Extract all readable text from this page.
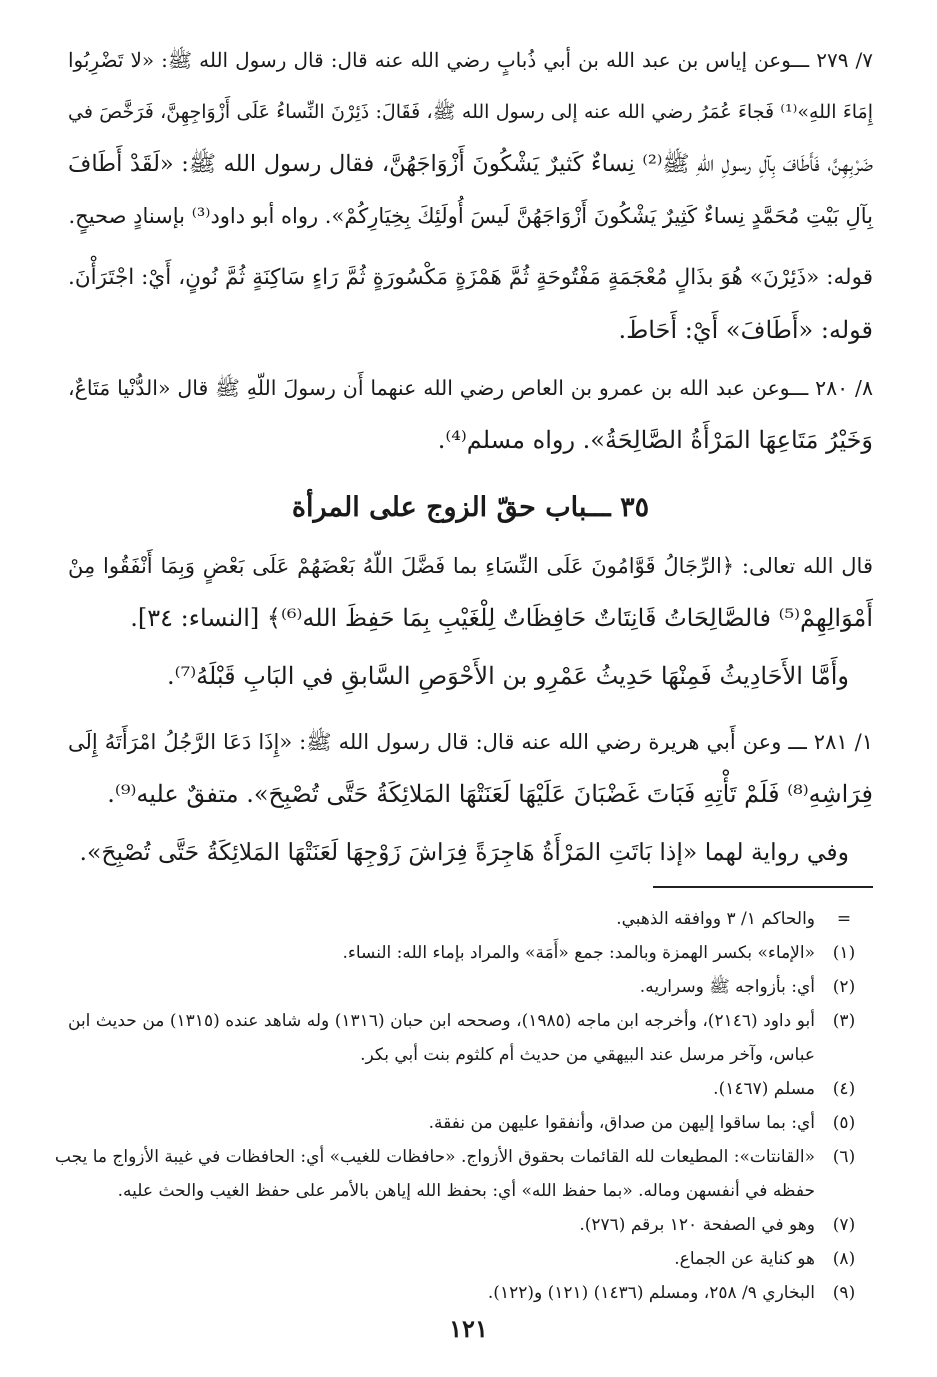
٧/ ٢٧٩ ـــوعن إياس بن عبد الله بن أبي ذُبابٍ رضي الله عنه قال: قال رسول الله ﷺ: «لا تَضْرِبُوا
إِمَاءَ اللهِ»⁽¹⁾ فَجاءَ عُمَرُ رضي الله عنه إلى رسول الله ﷺ، فَقَالَ: ذَئِرْنَ النِّساءُ عَلَى أَزْوَاجِهِنَّ، فَرَخَّصَ في
ضَرْبِهِنَّ، فَأَطَافَ بِآلِ رسولِ اللّهِ ﷺ⁽²⁾ نِساءٌ كَثيرٌ يَشْكُونَ أَزْوَاجَهُنَّ، فقال رسول الله ﷺ: «لَقَدْ أَطَافَ
بِآلِ بَيْتِ مُحَمَّدٍ نِساءٌ كَثِيرٌ يَشْكُونَ أَزْوَاجَهُنَّ لَيسَ أُولَئِكَ بِخِيَارِكُمْ». رواه أبو داود⁽³⁾ بإسنادٍ صحيحٍ.
قوله: «ذَئِرْنَ» هُوَ بذَالٍ مُعْجَمَةٍ مَفْتُوحَةٍ ثُمَّ هَمْزَةٍ مَكْسُورَةٍ ثُمَّ رَاءٍ سَاكِنَةٍ ثُمَّ نُونٍ، أَيْ: اجْتَرَأْنَ.
قوله: «أَطَافَ» أَيْ: أَحَاطَ.
٨/ ٢٨٠ ـــوعن عبد الله بن عمرو بن العاص رضي الله عنهما أَن رسولَ اللّهِ ﷺ قال «الدُّنْيا مَتَاعٌ،
وَخَيْرُ مَتَاعِهَا المَرْأَةُ الصَّالِحَةُ». رواه مسلم⁽⁴⁾.
٣٥ ـــباب حقّ الزوج على المرأة
قال الله تعالى: ﴿الرِّجَالُ قَوَّامُونَ عَلَى النِّسَاءِ بما فَضَّلَ اللّهُ بَعْضَهُمْ عَلَى بَعْضٍ وَبِمَا أَنْفَقُوا مِنْ
أَمْوَالِهِمْ⁽⁵⁾ فالصَّالِحَاتُ قَانِتَاتٌ حَافِظَاتٌ لِلْغَيْبِ بِمَا حَفِظَ الله⁽⁶⁾﴾ [النساء: ٣٤].
وأَمَّا الأَحَادِيثُ فَمِنْهَا حَدِيثُ عَمْرِو بن الأَحْوَصِ السَّابقِ في البَابِ قَبْلَهُ⁽⁷⁾.
١/ ٢٨١ ـــ وعن أَبي هريرة رضي الله عنه قال: قال رسول الله ﷺ: «إِذَا دَعَا الرَّجُلُ امْرَأَتَهُ إِلَى
فِرَاشِهِ⁽⁸⁾ فَلَمْ تَأْتِهِ فَبَاتَ غَضْبَانَ عَلَيْهَا لَعَنَتْهَا المَلائِكَةُ حَتَّى تُصْبِحَ». متفقٌ عليه⁽⁹⁾.
وفي رواية لهما «إذا بَاتَتِ المَرْأَةُ هَاجِرَةً فِرَاشَ زَوْجِهَا لَعَنَتْهَا المَلائِكَةُ حَتَّى تُصْبِحَ».
=
والحاكم ١/ ٣ ووافقه الذهبي.
(١)
«الإماء» بكسر الهمزة وبالمد: جمع «أَمَة» والمراد بإماء الله: النساء.
(٢)
أي: بأزواجه ﷺ وسراريه.
(٣)
أبو داود (٢١٤٦)، وأخرجه ابن ماجه (١٩٨٥)، وصححه ابن حبان (١٣١٦) وله شاهد عنده (١٣١٥) من حديث ابن
عباس، وآخر مرسل عند البيهقي من حديث أم كلثوم بنت أبي بكر.
(٤)
مسلم (١٤٦٧).
(٥)
أي: بما ساقوا إليهن من صداق، وأنفقوا عليهن من نفقة.
(٦)
«القانتات»: المطيعات لله القائمات بحقوق الأزواج. «حافظات للغيب» أي: الحافظات في غيبة الأزواج ما يجب
حفظه في أنفسهن وماله. «بما حفظ الله» أي: بحفظ الله إياهن بالأمر على حفظ الغيب والحث عليه.
(٧)
وهو في الصفحة ١٢٠ برقم (٢٧٦).
(٨)
هو كناية عن الجماع.
(٩)
البخاري ٩/ ٢٥٨، ومسلم (١٤٣٦) (١٢١) و(١٢٢).
١٢١
